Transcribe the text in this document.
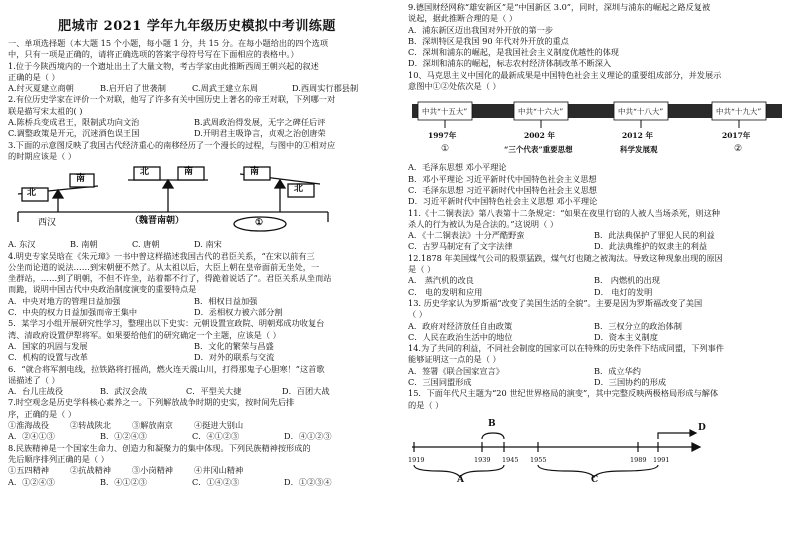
肥城市 2021 学年九年级历史模拟中考训练题
一、单项选择题（本大题 15 个小题，每小题 1 分，共 15 分。在每小题给出的四个选项
中，只有一项是正确的，请将正确选项的答案字母符号写在下面相应的表格中。）
1.位于今陕西境内的一个遗址出土了大量文物，考古学家由此推断西周王朝兴起的叙述
正确的是（ ）
A.纣灭夏建立商朝	B.启开启了世袭制	C.周武王建立东周	D.西周实行郡县制
2.有位历史学家在评价一个对联，他写了许多有关中国历史上著名的帝王对联，下列哪一对
联是描写宋太祖的( )
A.陈桥兵变成君王，限制武功向文治	B.武周政治得发展，无字之碑任后评
C.调整政策是开元，沉迷酒色误王国	D.开明君主吸诤言，贞观之治创唐荣
3.下面的示意图反映了我国古代经济重心的南移经历了一个漫长的过程，与图中的①相对应
的时期应该是（ ）
北
南
北	南	南
北
西汉	（魏晋南朝）	①
A. 东汉	B. 南朝	C. 唐朝	D. 南宋
4.明史专家吴晗在《朱元璋》一书中曾这样描述我国古代的君臣关系，“在宋以前有三
公坐而论道的说法……到宋朝便不然了。从太祖以后，大臣上朝在皇帝面前无坐处，一
坐群站，……到了明朝，不但不许坐，站着都不行了，得跪着说话了”。君臣关系从坐而站
而跪，说明中国古代中央政治制度演变的重要特点是
A．中央对地方的管理日益加强	B．相权日益加强
C．中央的权力日益加强而帝王集中	D．丞相权力被六部分割
5．某学习小组开展研究性学习，整理出以下史实：元朝设置宣政院、明朝郑成功收复台
湾、清政府设置伊犁将军。如果要给他们的研究确定一个主题，应该是（ ）
A．国家的巩固与发展	B．文化的繁荣与昌盛
C．机构的设置与改革	D．对外的联系与交流
6．“就合将军割电线，拉铁路将打摇尚，燃火连天震山川，打得那鬼子心胆寒！”这首歌
谣描述了（ ）
A．台儿庄战役	B．武汉会战	C．平型关大捷	D．百团大战
7.时空观念是历史学科核心素养之一。下列解放战争时期的史实，按时间先后排
序，正确的是（ ）
①淮海战役	②转战陕北	③解放南京	④挺进大别山
A．②④①③	B．①②④③	C．④①②③	D．④①②③
8.民族精神是一个国家生命力、创造力和凝聚力的集中体现。下列民族精神按形成的
先后顺序排列正确的是（ ）
①五四精神	②抗战精神	③小岗精神	④井冈山精神
A．①②④③	B．④①②③	C．①④②③	D．①②③④
9.德国财经网称“雄安新区”是“中国新区 3.0”，同时，深圳与浦东的崛起之路反复被
说起，据此推断合理的是（ ）
A．浦东新区迈出我国对外开放的第一步
B．深圳特区是我国 90 年代对外开放的重点
C．深圳和浦东的崛起，是我国社会主义制度优越性的体现
D．深圳和浦东的崛起，标志农村经济体制改革不断深入
10、马克思主义中国化的最新成果是中国特色社会主义理论的重要组成部分，并发展示
意图中①②处依次是（ ）
中共“十五大”	中共“十六大”	中共“十八大”	中共“十九大”
1997年	2002 年	2012 年	2017年
①	“三个代表”重要思想	科学发展观	②
A．毛泽东思想 邓小平理论
B．邓小平理论 习近平新时代中国特色社会主义思想
C．毛泽东思想 习近平新时代中国特色社会主义思想
D．习近平新时代中国特色社会主义思想 邓小平理论
11.《十二铜表法》第八表第十二条规定：“如果在夜里行窃的人被人当场杀死，则这种
杀人的行为被认为是合法的。”这说明（ ）
A．《十二铜表法》十分严酷野蛮	B．此法典保护了罪犯人民的利益
C．古罗马制定有了文字法律	D．此法典维护的奴隶主的利益
12.1878 年美国煤气公司的股票猛跌，煤气灯也随之被淘汰。导致这种现象出现的原因
是（ ）
A． 蒸汽机的改良	B． 内燃机的出现
C． 电的发明和应用	D． 电灯的发明
13. 历史学家认为罗斯福“改变了美国生活的全貌”。主要是因为罗斯福改变了美国
（ ）
A．政府对经济放任自由政策	B．三权分立的政治体制
C．人民在政治生活中的地位	D．资本主义制度
14.为了共同的利益，不同社会制度的国家可以在特殊的历史条件下结成同盟，下列事件
能够证明这一点的是（ ）
A．签署《联合国家宣言》	B．成立华约
C．三国同盟形成	D．三国协约的形成
15．下面年代尺主题为“20 世纪世界格局的演变”，其中完整反映两极格局形成与解体
的是（ ）
1919	1939 1945 1955	1989 1991
A
B
C
D
